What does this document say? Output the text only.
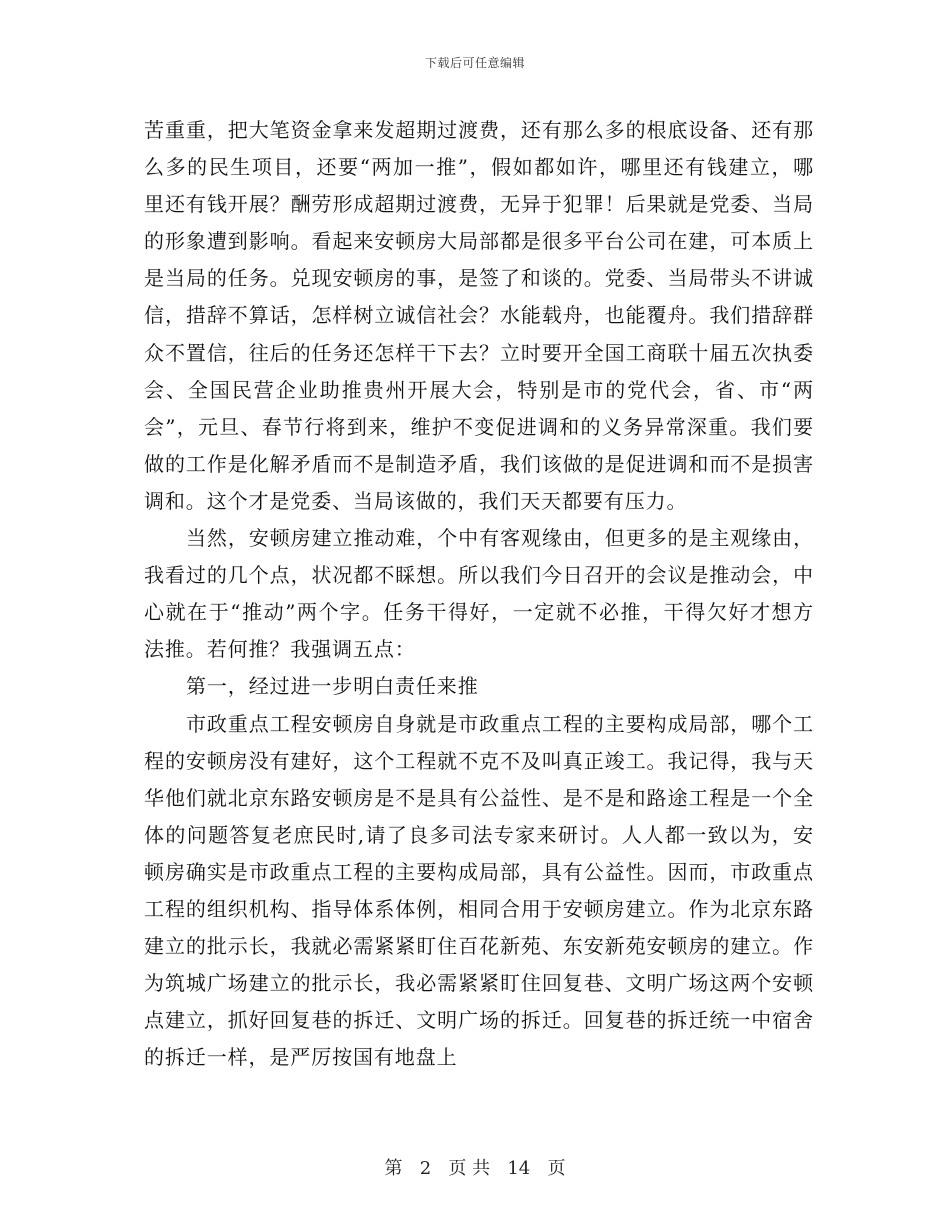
下载后可任意编辑

苦重重，把大笔资金拿来发超期过渡费，还有那么多的根底设备、还有那么多的民生项目，还要“两加一推”，假如都如许，哪里还有钱建立，哪里还有钱开展？酬劳形成超期过渡费，无异于犯罪！后果就是党委、当局的形象遭到影响。看起来安顿房大局部都是很多平台公司在建，可本质上是当局的任务。兑现安顿房的事，是签了和谈的。党委、当局带头不讲诚信，措辞不算话，怎样树立诚信社会？水能载舟，也能覆舟。我们措辞群众不置信，往后的任务还怎样干下去？立时要开全国工商联十届五次执委会、全国民营企业助推贵州开展大会，特别是市的党代会，省、市“两会”，元旦、春节行将到来，维护不变促进调和的义务异常深重。我们要做的工作是化解矛盾而不是制造矛盾，我们该做的是促进调和而不是损害调和。这个才是党委、当局该做的，我们天天都要有压力。

当然，安顿房建立推动难，个中有客观缘由，但更多的是主观缘由，我看过的几个点，状况都不睬想。所以我们今日召开的会议是推动会，中心就在于“推动”两个字。任务干得好，一定就不必推，干得欠好才想方法推。若何推？我强调五点：

第一，经过进一步明白责任来推

市政重点工程安顿房自身就是市政重点工程的主要构成局部，哪个工程的安顿房没有建好，这个工程就不克不及叫真正竣工。我记得，我与天华他们就北京东路安顿房是不是具有公益性、是不是和路途工程是一个全体的问题答复老庶民时,请了良多司法专家来研讨。人人都一致以为，安顿房确实是市政重点工程的主要构成局部，具有公益性。因而，市政重点工程的组织机构、指导体系体例，相同合用于安顿房建立。作为北京东路建立的批示长，我就必需紧紧盯住百花新苑、东安新苑安顿房的建立。作为筑城广场建立的批示长，我必需紧紧盯住回复巷、文明广场这两个安顿点建立，抓好回复巷的拆迁、文明广场的拆迁。回复巷的拆迁统一中宿舍的拆迁一样，是严厉按国有地盘上

第 2 页 共 14 页
